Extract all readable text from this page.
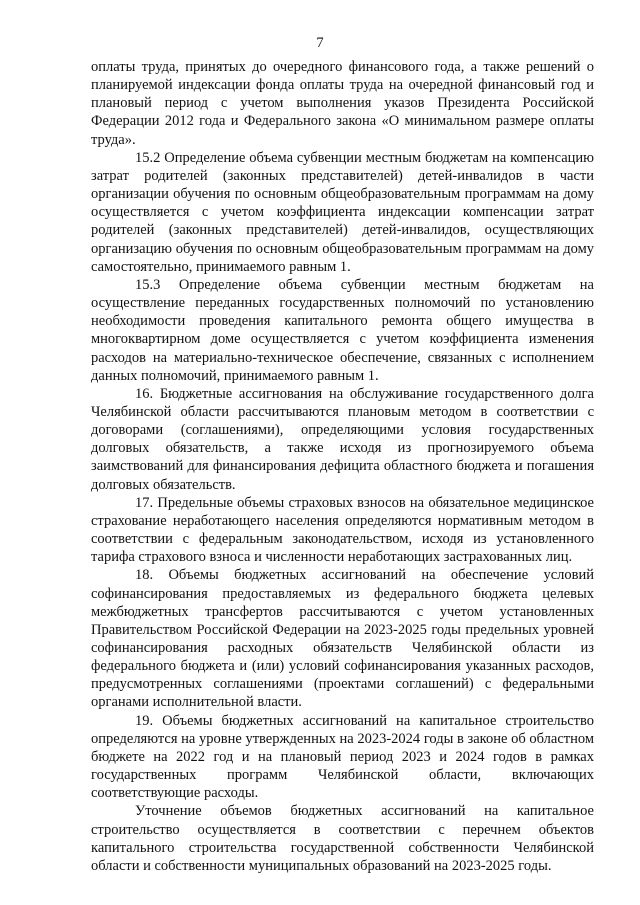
7

оплаты труда, принятых до очередного финансового года, а также решений о планируемой индексации фонда оплаты труда на очередной финансовый год и плановый период с учетом выполнения указов Президента Российской Федерации 2012 года и Федерального закона «О минимальном размере оплаты труда».

15.2 Определение объема субвенции местным бюджетам на компенсацию затрат родителей (законных представителей) детей-инвалидов в части организации обучения по основным общеобразовательным программам на дому осуществляется с учетом коэффициента индексации компенсации затрат родителей (законных представителей) детей-инвалидов, осуществляющих организацию обучения по основным общеобразовательным программам на дому самостоятельно, принимаемого равным 1.

15.3 Определение объема субвенции местным бюджетам на осуществление переданных государственных полномочий по установлению необходимости проведения капитального ремонта общего имущества в многоквартирном доме осуществляется с учетом коэффициента изменения расходов на материально-техническое обеспечение, связанных с исполнением данных полномочий, принимаемого равным 1.

16. Бюджетные ассигнования на обслуживание государственного долга Челябинской области рассчитываются плановым методом в соответствии с договорами (соглашениями), определяющими условия государственных долговых обязательств, а также исходя из прогнозируемого объема заимствований для финансирования дефицита областного бюджета и погашения долговых обязательств.

17. Предельные объемы страховых взносов на обязательное медицинское страхование неработающего населения определяются нормативным методом в соответствии с федеральным законодательством, исходя из установленного тарифа страхового взноса и численности неработающих застрахованных лиц.

18. Объемы бюджетных ассигнований на обеспечение условий софинансирования предоставляемых из федерального бюджета целевых межбюджетных трансфертов рассчитываются с учетом установленных Правительством Российской Федерации на 2023-2025 годы предельных уровней софинансирования расходных обязательств Челябинской области из федерального бюджета и (или) условий софинансирования указанных расходов, предусмотренных соглашениями (проектами соглашений) с федеральными органами исполнительной власти.

19. Объемы бюджетных ассигнований на капитальное строительство определяются на уровне утвержденных на 2023-2024 годы в законе об областном бюджете на 2022 год и на плановый период 2023 и 2024 годов в рамках государственных программ Челябинской области, включающих соответствующие расходы.

Уточнение объемов бюджетных ассигнований на капитальное строительство осуществляется в соответствии с перечнем объектов капитального строительства государственной собственности Челябинской области и собственности муниципальных образований на 2023-2025 годы.
